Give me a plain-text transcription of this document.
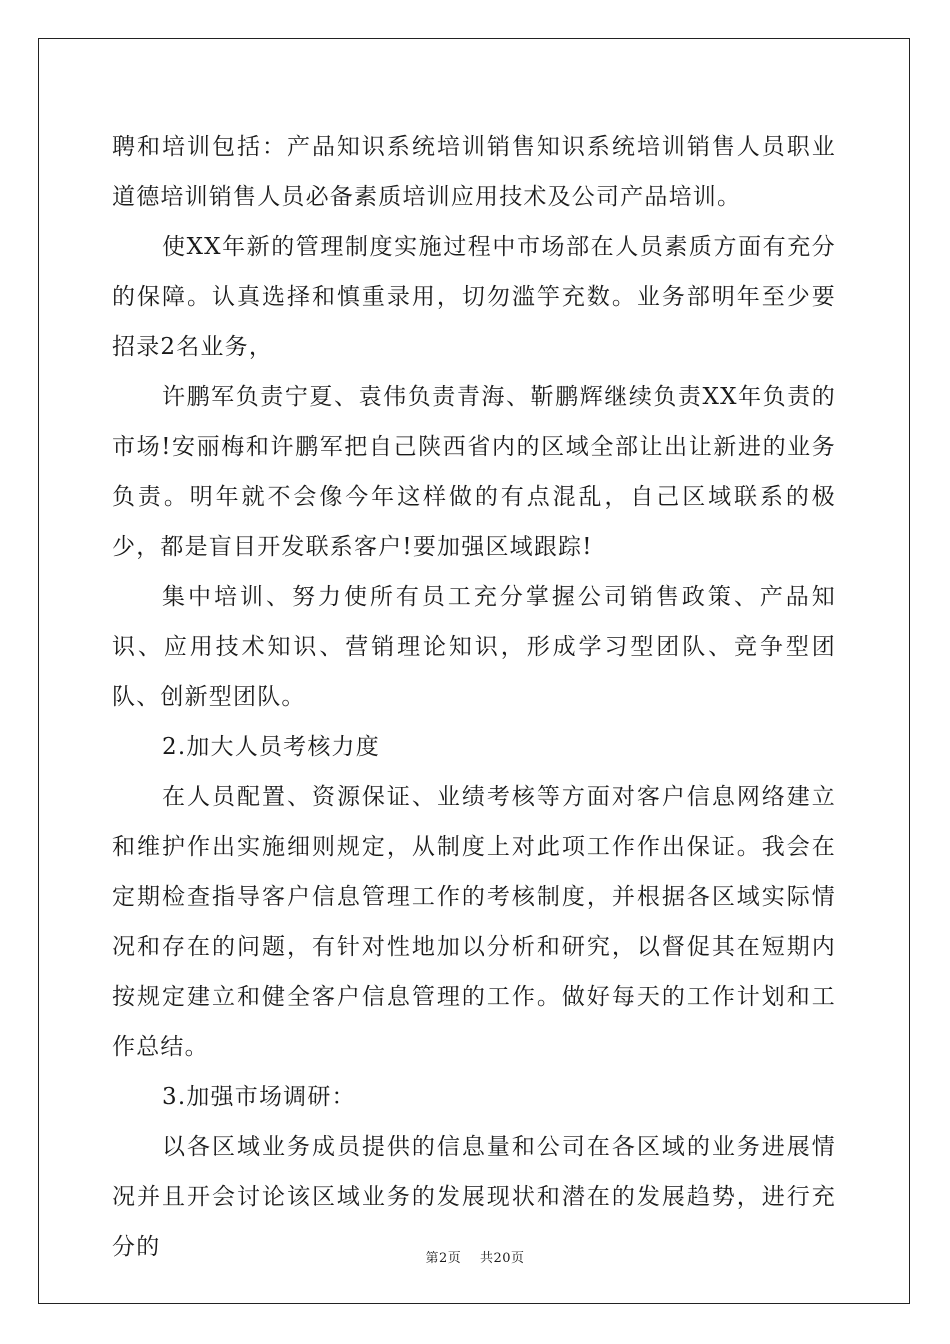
聘和培训包括：产品知识系统培训销售知识系统培训销售人员职业道德培训销售人员必备素质培训应用技术及公司产品培训。

使XX年新的管理制度实施过程中市场部在人员素质方面有充分的保障。认真选择和慎重录用，切勿滥竽充数。业务部明年至少要招录2名业务，

许鹏军负责宁夏、袁伟负责青海、靳鹏辉继续负责XX年负责的市场!安丽梅和许鹏军把自己陕西省内的区域全部让出让新进的业务负责。明年就不会像今年这样做的有点混乱，自己区域联系的极少，都是盲目开发联系客户!要加强区域跟踪!

集中培训、努力使所有员工充分掌握公司销售政策、产品知识、应用技术知识、营销理论知识，形成学习型团队、竞争型团队、创新型团队。

2.加大人员考核力度

在人员配置、资源保证、业绩考核等方面对客户信息网络建立和维护作出实施细则规定，从制度上对此项工作作出保证。我会在定期检查指导客户信息管理工作的考核制度，并根据各区域实际情况和存在的问题，有针对性地加以分析和研究，以督促其在短期内按规定建立和健全客户信息管理的工作。做好每天的工作计划和工作总结。

3.加强市场调研：

以各区域业务成员提供的信息量和公司在各区域的业务进展情况并且开会讨论该区域业务的发展现状和潜在的发展趋势，进行充分的	第2页 共20页
